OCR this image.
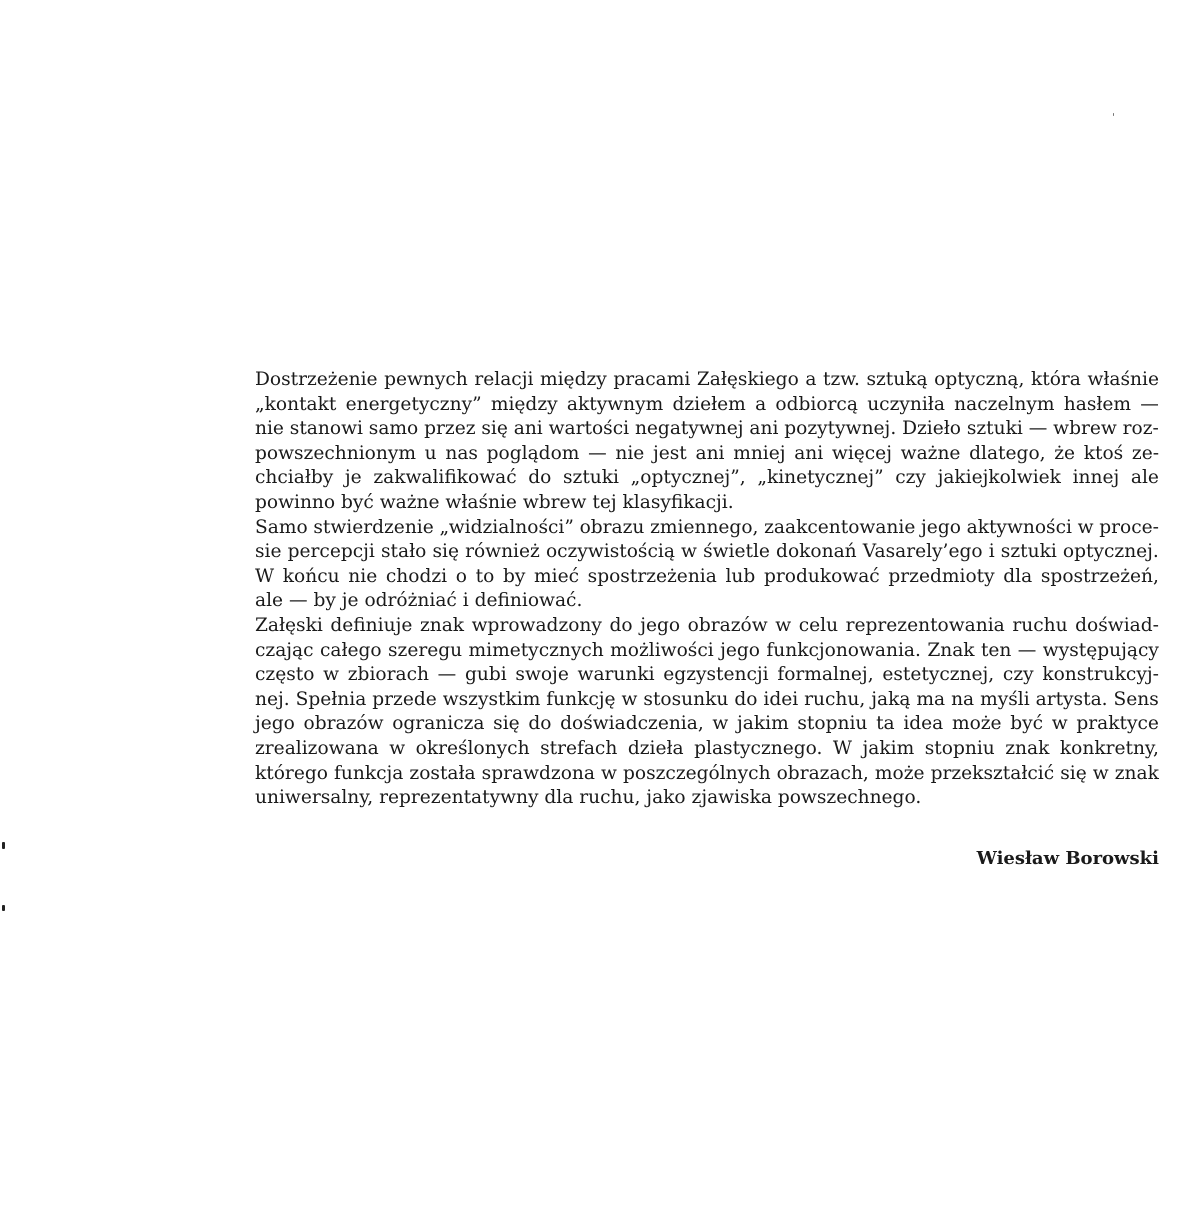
Dostrzeżenie pewnych relacji między pracami Załęskiego a tzw. sztuką optyczną, która właśnie
„kontakt energetyczny” między aktywnym dziełem a odbiorcą uczyniła naczelnym hasłem —
nie stanowi samo przez się ani wartości negatywnej ani pozytywnej. Dzieło sztuki — wbrew roz-
powszechnionym u nas poglądom — nie jest ani mniej ani więcej ważne dlatego, że ktoś ze-
chciałby je zakwalifikować do sztuki „optycznej”, „kinetycznej” czy jakiejkolwiek innej ale
powinno być ważne właśnie wbrew tej klasyfikacji.
Samo stwierdzenie „widzialności” obrazu zmiennego, zaakcentowanie jego aktywności w proce-
sie percepcji stało się również oczywistością w świetle dokonań Vasarely’ego i sztuki optycznej.
W końcu nie chodzi o to by mieć spostrzeżenia lub produkować przedmioty dla spostrzeżeń,
ale — by je odróżniać i definiować.
Załęski definiuje znak wprowadzony do jego obrazów w celu reprezentowania ruchu doświad-
czając całego szeregu mimetycznych możliwości jego funkcjonowania. Znak ten — występujący
często w zbiorach — gubi swoje warunki egzystencji formalnej, estetycznej, czy konstrukcyj-
nej. Spełnia przede wszystkim funkcję w stosunku do idei ruchu, jaką ma na myśli artysta. Sens
jego obrazów ogranicza się do doświadczenia, w jakim stopniu ta idea może być w praktyce
zrealizowana w określonych strefach dzieła plastycznego. W jakim stopniu znak konkretny,
którego funkcja została sprawdzona w poszczególnych obrazach, może przekształcić się w znak
uniwersalny, reprezentatywny dla ruchu, jako zjawiska powszechnego.
Wiesław Borowski
